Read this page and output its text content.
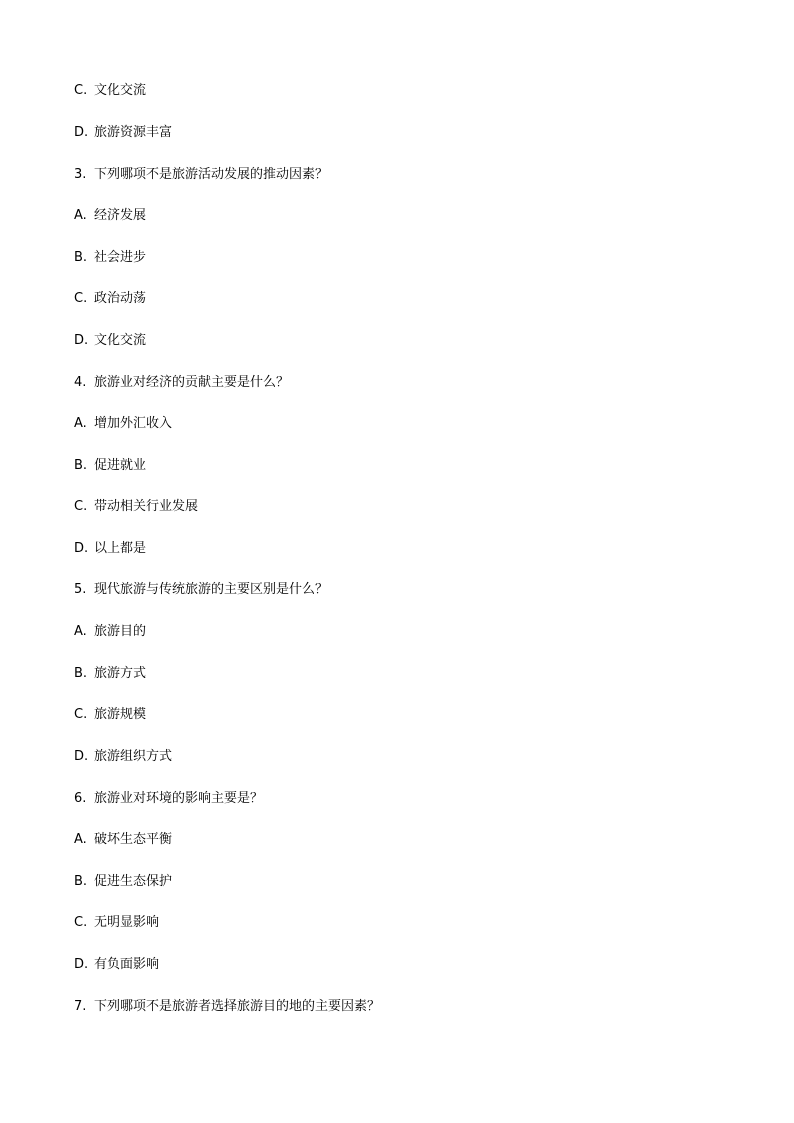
C. 文化交流
D. 旅游资源丰富
3. 下列哪项不是旅游活动发展的推动因素？
A. 经济发展
B. 社会进步
C. 政治动荡
D. 文化交流
4. 旅游业对经济的贡献主要是什么？
A. 增加外汇收入
B. 促进就业
C. 带动相关行业发展
D. 以上都是
5. 现代旅游与传统旅游的主要区别是什么？
A. 旅游目的
B. 旅游方式
C. 旅游规模
D. 旅游组织方式
6. 旅游业对环境的影响主要是？
A. 破坏生态平衡
B. 促进生态保护
C. 无明显影响
D. 有负面影响
7. 下列哪项不是旅游者选择旅游目的地的主要因素？
